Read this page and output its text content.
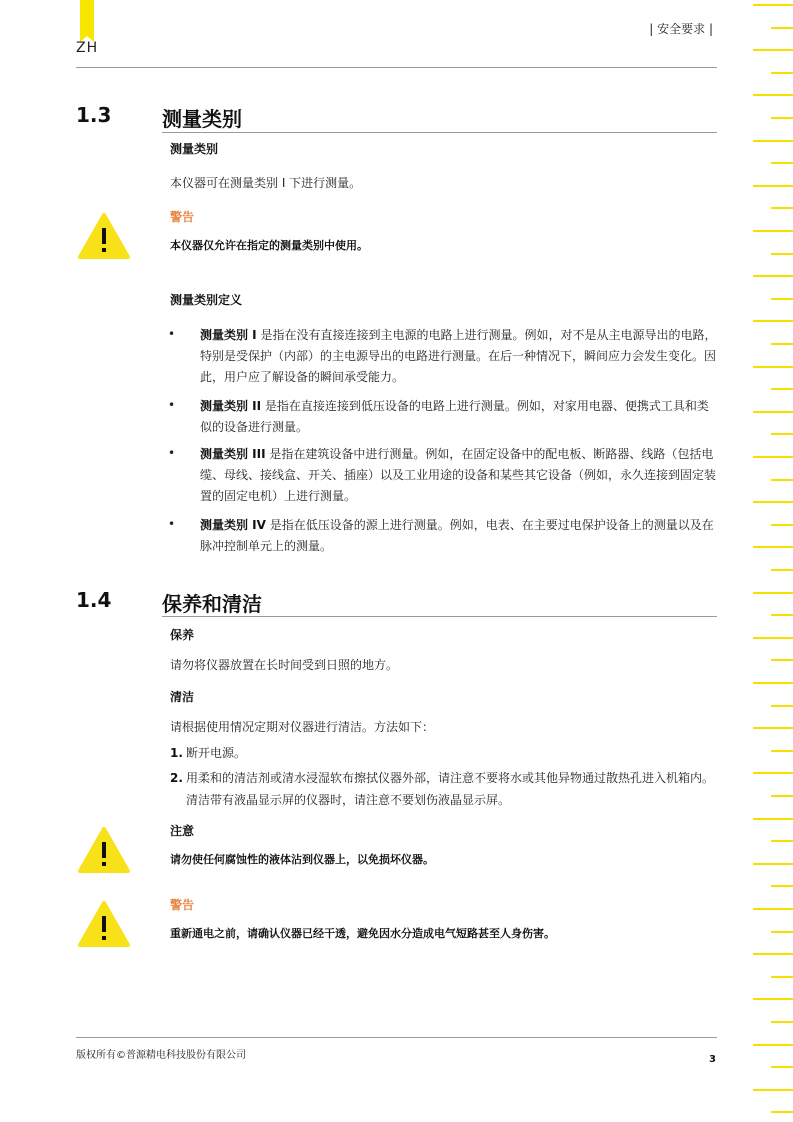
ZH
| 安全要求 |
1.3	测量类别
测量类别
本仪器可在测量类别 I 下进行测量。
警告
本仪器仅允许在指定的测量类别中使用。
测量类别定义
• 测量类别 I 是指在没有直接连接到主电源的电路上进行测量。例如，对不是从主电源导出的电路，特别是受保护（内部）的主电源导出的电路进行测量。在后一种情况下，瞬间应力会发生变化。因此，用户应了解设备的瞬间承受能力。
• 测量类别 II 是指在直接连接到低压设备的电路上进行测量。例如，对家用电器、便携式工具和类似的设备进行测量。
• 测量类别 III 是指在建筑设备中进行测量。例如，在固定设备中的配电板、断路器、线路（包括电缆、母线、接线盒、开关、插座）以及工业用途的设备和某些其它设备（例如，永久连接到固定装置的固定电机）上进行测量。
• 测量类别 IV 是指在低压设备的源上进行测量。例如，电表、在主要过电保护设备上的测量以及在脉冲控制单元上的测量。
1.4	保养和清洁
保养
请勿将仪器放置在长时间受到日照的地方。
清洁
请根据使用情况定期对仪器进行清洁。方法如下：
1. 断开电源。
2. 用柔和的清洁剂或清水浸湿软布擦拭仪器外部，请注意不要将水或其他异物通过散热孔进入机箱内。清洁带有液晶显示屏的仪器时，请注意不要划伤液晶显示屏。
注意
请勿使任何腐蚀性的液体沾到仪器上，以免损坏仪器。
警告
重新通电之前，请确认仪器已经干透，避免因水分造成电气短路甚至人身伤害。
版权所有©普源精电科技股份有限公司	3
